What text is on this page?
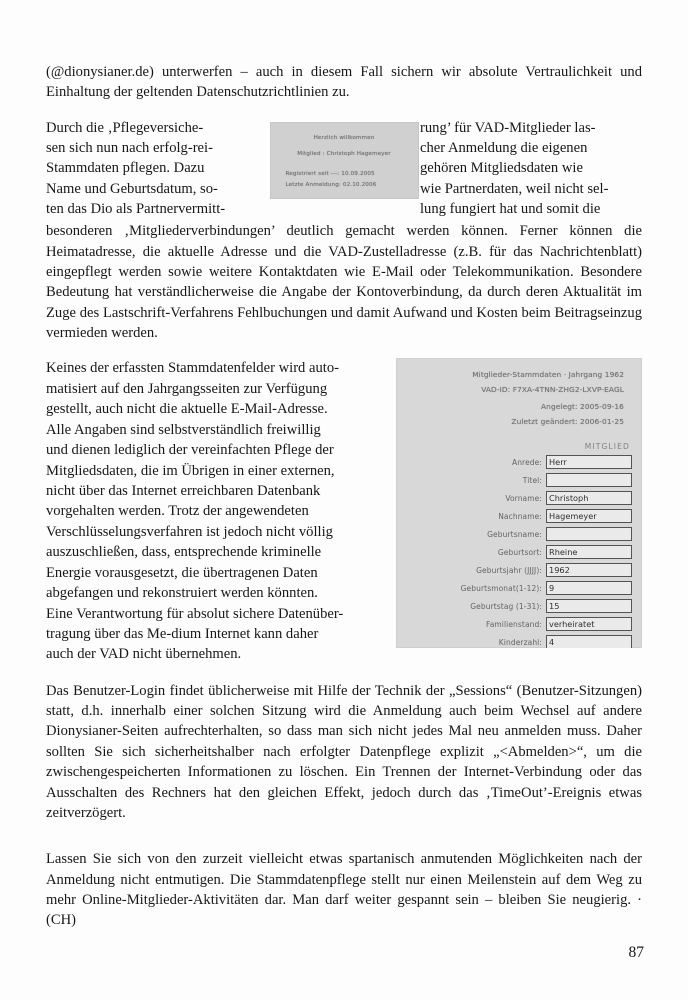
(@dionysianer.de) unterwerfen – auch in diesem Fall sichern wir absolute Vertraulichkeit und Einhaltung der geltenden Datenschutzrichtlinien zu.

Durch die ‚Pflegeversiche-
sen sich nun nach erfolg-rei-
Stammdaten pflegen. Dazu
Name und Geburtsdatum, so-
ten das Dio als Partnervermitt-
Herzlich willkommen
Mitglied : Christoph Hagemeyer
Registriert seit ---: 10.09.2005
Letzte Anmeldung: 02.10.2006
rung’ für VAD-Mitglieder las-
cher Anmeldung die eigenen
gehören Mitgliedsdaten wie
wie Partnerdaten, weil nicht sel-
lung fungiert hat und somit die

besonderen ‚Mitgliederverbindungen’ deutlich gemacht werden können. Ferner können die Heimatadresse, die aktuelle Adresse und die VAD-Zustelladresse (z.B. für das Nachrichtenblatt) eingepflegt werden sowie weitere Kontaktdaten wie E-Mail oder Telekommunikation. Besondere Bedeutung hat verständlicherweise die Angabe der Kontoverbindung, da durch deren Aktualität im Zuge des Lastschrift-Verfahrens Fehlbuchungen und damit Aufwand und Kosten beim Beitragseinzug vermieden werden.

Keines der erfassten Stammdatenfelder wird auto-
matisiert auf den Jahrgangsseiten zur Verfügung
gestellt, auch nicht die aktuelle E-Mail-Adresse.
Alle Angaben sind selbstverständlich freiwillig
und dienen lediglich der vereinfachten Pflege der
Mitgliedsdaten, die im Übrigen in einer externen,
nicht über das Internet erreichbaren Datenbank
vorgehalten werden. Trotz der angewendeten
Verschlüsselungsverfahren ist jedoch nicht völlig
auszuschließen, dass, entsprechende kriminelle
Energie vorausgesetzt, die übertragenen Daten
abgefangen und rekonstruiert werden könnten.
Eine Verantwortung für absolut sichere Datenüber-
tragung über das Me-dium Internet kann daher
auch der VAD nicht übernehmen.
Mitglieder-Stammdaten · Jahrgang 1962
VAD-ID: F7XA-4TNN-ZHG2-LXVP-EAGL
Angelegt: 2005-09-16
Zuletzt geändert: 2006-01-25
MITGLIED
Anrede: Herr
Titel:
Vorname: Christoph
Nachname: Hagemeyer
Geburtsname:
Geburtsort: Rheine
Geburtsjahr (JJJJ): 1962
Geburtsmonat(1-12): 9
Geburtstag (1-31): 15
Familienstand: verheiratet
Kinderzahl: 4

Das Benutzer-Login findet üblicherweise mit Hilfe der Technik der „Sessions“ (Benutzer-Sitzungen) statt, d.h. innerhalb einer solchen Sitzung wird die Anmeldung auch beim Wechsel auf andere Dionysianer-Seiten aufrechterhalten, so dass man sich nicht jedes Mal neu anmelden muss. Daher sollten Sie sich sicherheitshalber nach erfolgter Datenpflege explizit „<Abmelden>“, um die zwischengespeicherten Informationen zu löschen. Ein Trennen der Internet-Verbindung oder das Ausschalten des Rechners hat den gleichen Effekt, jedoch durch das ‚TimeOut’-Ereignis etwas zeitverzögert.

Lassen Sie sich von den zurzeit vielleicht etwas spartanisch anmutenden Möglichkeiten nach der Anmeldung nicht entmutigen. Die Stammdatenpflege stellt nur einen Meilenstein auf dem Weg zu mehr Online-Mitglieder-Aktivitäten dar. Man darf weiter gespannt sein – bleiben Sie neugierig. · (CH)

87
